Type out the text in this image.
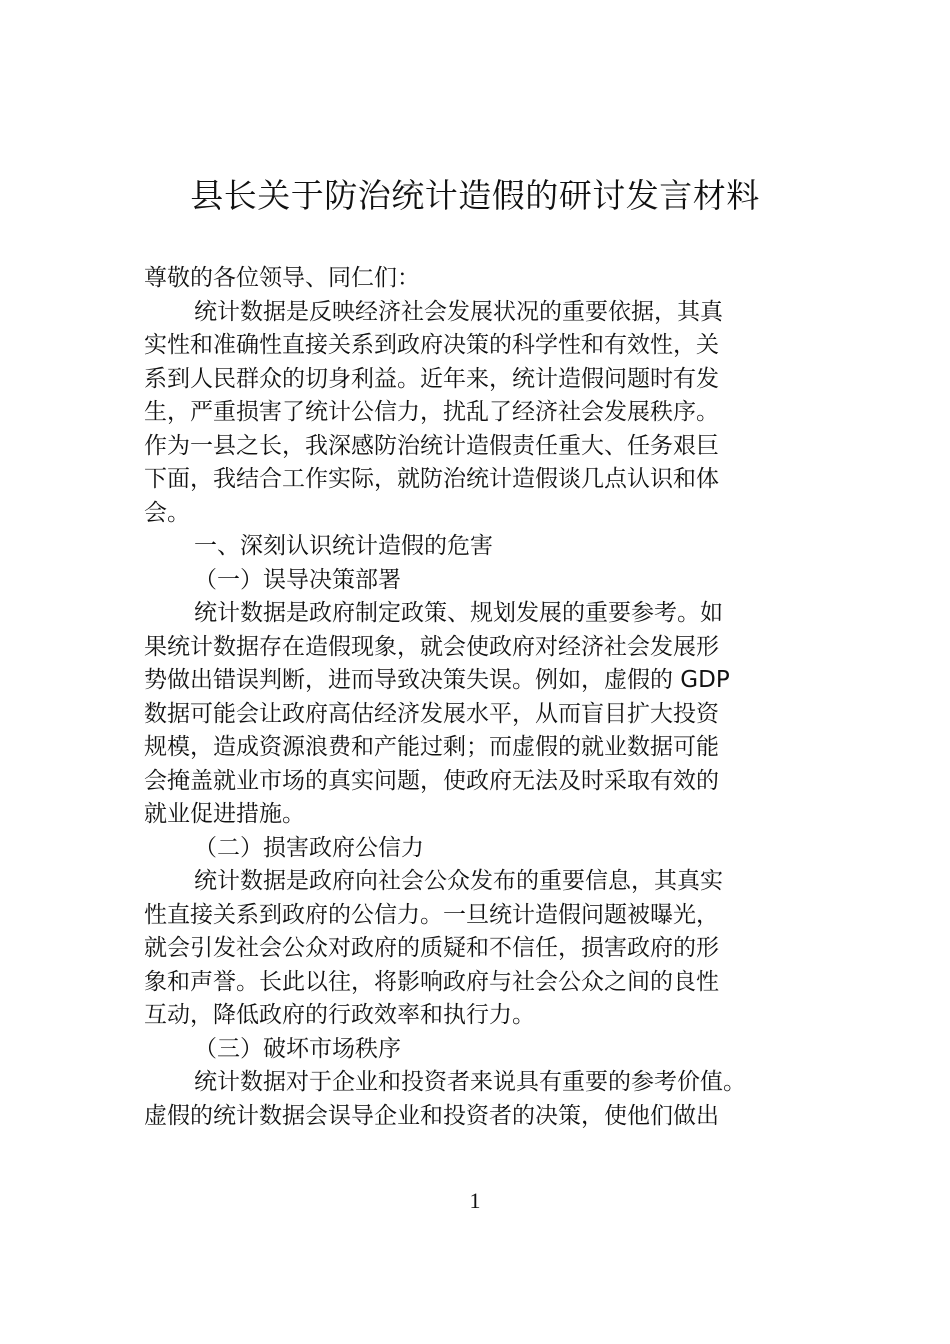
县长关于防治统计造假的研讨发言材料
尊敬的各位领导、同仁们：
统计数据是反映经济社会发展状况的重要依据，其真
实性和准确性直接关系到政府决策的科学性和有效性，关
系到人民群众的切身利益。近年来，统计造假问题时有发
生，严重损害了统计公信力，扰乱了经济社会发展秩序。
作为一县之长，我深感防治统计造假责任重大、任务艰巨
下面，我结合工作实际，就防治统计造假谈几点认识和体
会。
一、深刻认识统计造假的危害
（一）误导决策部署
统计数据是政府制定政策、规划发展的重要参考。如
果统计数据存在造假现象，就会使政府对经济社会发展形
势做出错误判断，进而导致决策失误。例如，虚假的 GDP
数据可能会让政府高估经济发展水平，从而盲目扩大投资
规模，造成资源浪费和产能过剩；而虚假的就业数据可能
会掩盖就业市场的真实问题，使政府无法及时采取有效的
就业促进措施。
（二）损害政府公信力
统计数据是政府向社会公众发布的重要信息，其真实
性直接关系到政府的公信力。一旦统计造假问题被曝光，
就会引发社会公众对政府的质疑和不信任，损害政府的形
象和声誉。长此以往，将影响政府与社会公众之间的良性
互动，降低政府的行政效率和执行力。
（三）破坏市场秩序
统计数据对于企业和投资者来说具有重要的参考价值。
虚假的统计数据会误导企业和投资者的决策，使他们做出
1
